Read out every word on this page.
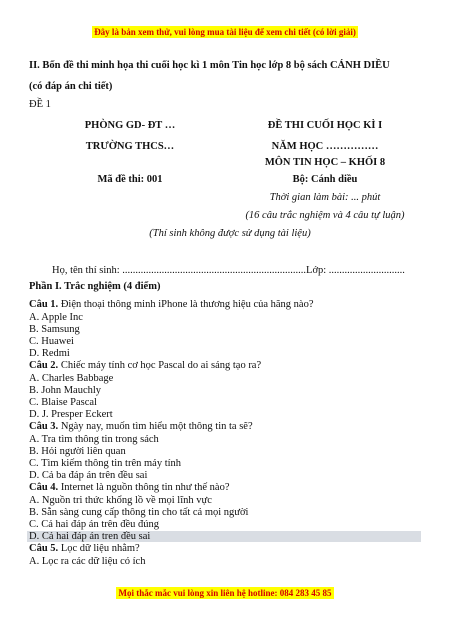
Đây là bản xem thử, vui lòng mua tài liệu để xem chi tiết (có lời giải)
II. Bốn đề thi minh họa thi cuối học kì 1 môn Tin học lớp 8 bộ sách CÁNH DIỀU
(có đáp án chi tiết)
ĐỀ 1
PHÒNG GD- ĐT …
TRƯỜNG THCS…
Mã đề thi: 001
ĐỀ THI CUỐI HỌC KÌ I
NĂM HỌC ……………
MÔN TIN HỌC – KHỐI 8
Bộ: Cánh diều
Thời gian làm bài: ... phút
(16 câu trắc nghiệm và 4 câu tự luận)
(Thí sinh không được sử dụng tài liệu)
Họ, tên thí sinh: ......................................................................Lớp: .............................
Phần I. Trắc nghiệm (4 điểm)
Câu 1. Điện thoại thông minh iPhone là thương hiệu của hãng nào?
A. Apple Inc
B. Samsung
C. Huawei
D. Redmi
Câu 2. Chiếc máy tính cơ học Pascal do ai sáng tạo ra?
A. Charles Babbage
B. John Mauchly
C. Blaise Pascal
D. J. Presper Eckert
Câu 3. Ngày nay, muốn tìm hiểu một thông tin ta sẽ?
A. Tra tìm thông tin trong sách
B. Hỏi người liên quan
C. Tìm kiếm thông tin trên máy tính
D. Cả ba đáp án trên đều sai
Câu 4. Internet là nguồn thông tin như thế nào?
A. Nguồn tri thức khổng lồ về mọi lĩnh vực
B. Sẵn sàng cung cấp thông tin cho tất cả mọi người
C. Cả hai đáp án trên đều đúng
D. Cả hai đáp án tren đều sai
Câu 5. Lọc dữ liệu nhằm?
A. Lọc ra các dữ liệu có ích
Mọi thắc mắc vui lòng xin liên hệ hotline: 084 283 45 85
